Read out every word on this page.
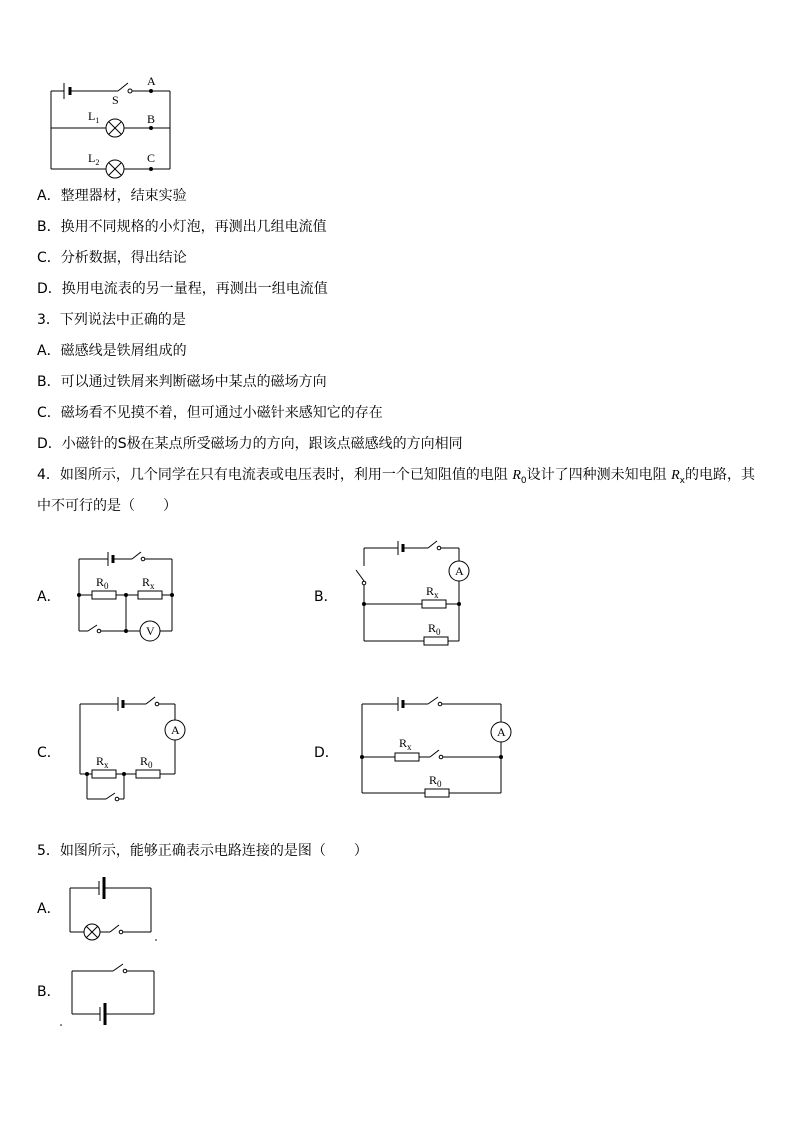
S
$L_1$
$L_2$
A
B
C
A．整理器材，结束实验
B．换用不同规格的小灯泡，再测出几组电流值
C．分析数据，得出结论
D．换用电流表的另一量程，再测出一组电流值
3．下列说法中正确的是
A．磁感线是铁屑组成的
B．可以通过铁屑来判断磁场中某点的磁场方向
C．磁场看不见摸不着，但可通过小磁针来感知它的存在
D．小磁针的S极在某点所受磁场力的方向，跟该点磁感线的方向相同
4．如图所示，几个同学在只有电流表或电压表时，利用一个已知阻值的电阻 $R_0$设计了四种测未知电阻 $R_x$的电路，其
中不可行的是（　　）
A．	B．
C．	D．
$R_0$	$R_x$
V
A
$R_x$
$R_0$
A
$R_x$	$R_0$
A
$R_x$
$R_0$
5．如图所示，能够正确表示电路连接的是图（　　）
A．
B．
